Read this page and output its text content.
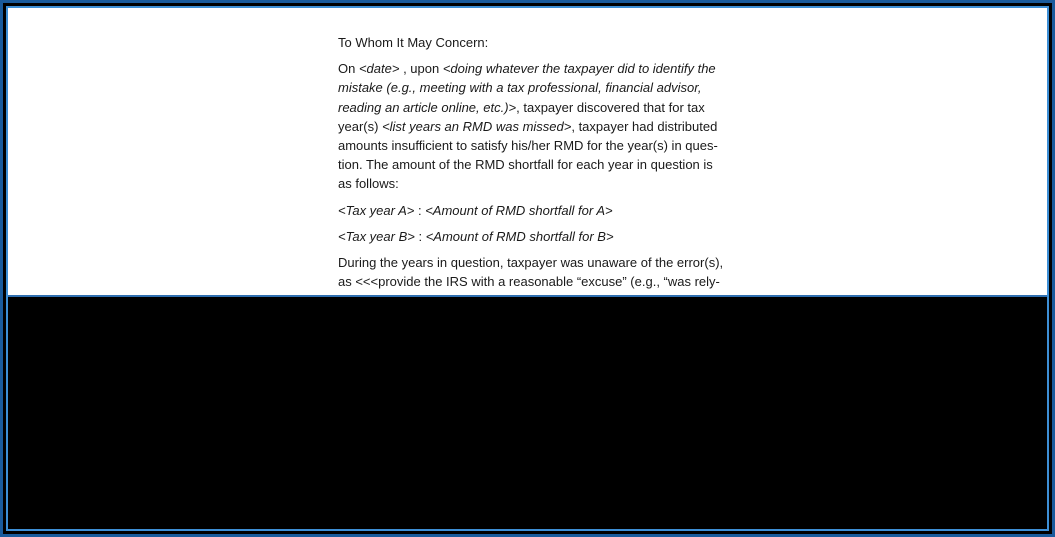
To Whom It May Concern:

On <date> , upon <doing whatever the taxpayer did to identify the mistake (e.g., meeting with a tax professional, financial advisor, reading an article online, etc.)>, taxpayer discovered that for tax year(s) <list years an RMD was missed>, taxpayer had distributed amounts insufficient to satisfy his/her RMD for the year(s) in question. The amount of the RMD shortfall for each year in question is as follows:

<Tax year A> : <Amount of RMD shortfall for A>

<Tax year B> : <Amount of RMD shortfall for B>

During the years in question, taxpayer was unaware of the error(s), as <<<provide the IRS with a reasonable “excuse” (e.g., “was rely-
